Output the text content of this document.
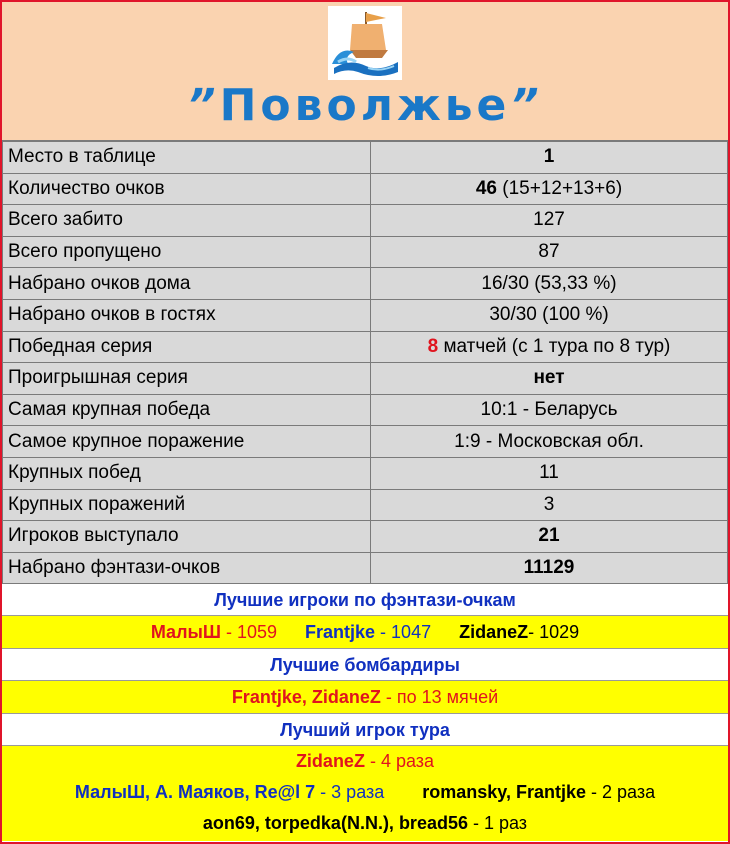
”Поволжье”
Место в таблице	1
Количество очков	46 (15+12+13+6)
Всего забито	127
Всего пропущено	87
Набрано очков дома	16/30 (53,33 %)
Набрано очков в гостях	30/30 (100 %)
Победная серия	8 матчей (с 1 тура по 8 тур)
Проигрышная серия	нет
Самая крупная победа	10:1 - Беларусь
Самое крупное поражение	1:9 - Московская обл.
Крупных побед	11
Крупных поражений	3
Игроков выступало	21
Набрано фэнтази-очков	11129
Лучшие игроки по фэнтази-очкам
МалыШ - 1059 Frantjke - 1047 ZidaneZ- 1029
Лучшие бомбардиры
Frantjke, ZidaneZ - по 13 мячей
Лучший игрок тура
ZidaneZ - 4 раза
МалыШ, А. Маяков, Re@l 7 - 3 раза romansky, Frantjke - 2 раза
aon69, torpedka(N.N.), bread56 - 1 раз
